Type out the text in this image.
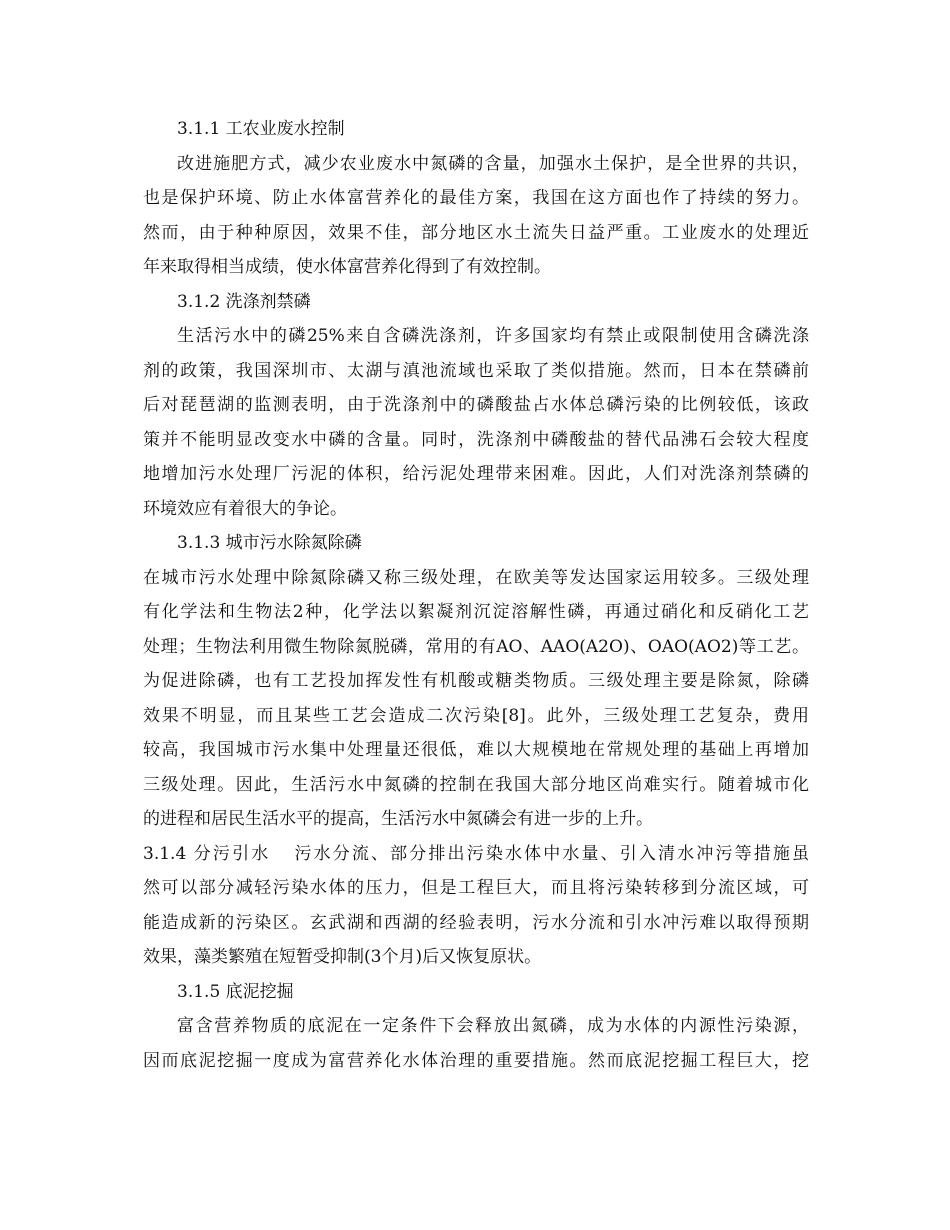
3.1.1 工农业废水控制
改进施肥方式，减少农业废水中氮磷的含量，加强水土保护，是全世界的共识，
也是保护环境、防止水体富营养化的最佳方案，我国在这方面也作了持续的努力。
然而，由于种种原因，效果不佳，部分地区水土流失日益严重。工业废水的处理近
年来取得相当成绩，使水体富营养化得到了有效控制。
3.1.2 洗涤剂禁磷
生活污水中的磷25%来自含磷洗涤剂，许多国家均有禁止或限制使用含磷洗涤
剂的政策，我国深圳市、太湖与滇池流域也采取了类似措施。然而，日本在禁磷前
后对琵琶湖的监测表明，由于洗涤剂中的磷酸盐占水体总磷污染的比例较低，该政
策并不能明显改变水中磷的含量。同时，洗涤剂中磷酸盐的替代品沸石会较大程度
地增加污水处理厂污泥的体积，给污泥处理带来困难。因此，人们对洗涤剂禁磷的
环境效应有着很大的争论。
3.1.3 城市污水除氮除磷
在城市污水处理中除氮除磷又称三级处理，在欧美等发达国家运用较多。三级处理
有化学法和生物法2种，化学法以絮凝剂沉淀溶解性磷，再通过硝化和反硝化工艺
处理；生物法利用微生物除氮脱磷，常用的有AO、AAO(A2O)、OAO(AO2)等工艺。
为促进除磷，也有工艺投加挥发性有机酸或糖类物质。三级处理主要是除氮，除磷
效果不明显，而且某些工艺会造成二次污染[8]。此外，三级处理工艺复杂，费用
较高，我国城市污水集中处理量还很低，难以大规模地在常规处理的基础上再增加
三级处理。因此，生活污水中氮磷的控制在我国大部分地区尚难实行。随着城市化
的进程和居民生活水平的提高，生活污水中氮磷会有进一步的上升。
3.1.4 分污引水 污水分流、部分排出污染水体中水量、引入清水冲污等措施虽
然可以部分减轻污染水体的压力，但是工程巨大，而且将污染转移到分流区域，可
能造成新的污染区。玄武湖和西湖的经验表明，污水分流和引水冲污难以取得预期
效果，藻类繁殖在短暂受抑制(3个月)后又恢复原状。
3.1.5 底泥挖掘
富含营养物质的底泥在一定条件下会释放出氮磷，成为水体的内源性污染源，
因而底泥挖掘一度成为富营养化水体治理的重要措施。然而底泥挖掘工程巨大，挖
